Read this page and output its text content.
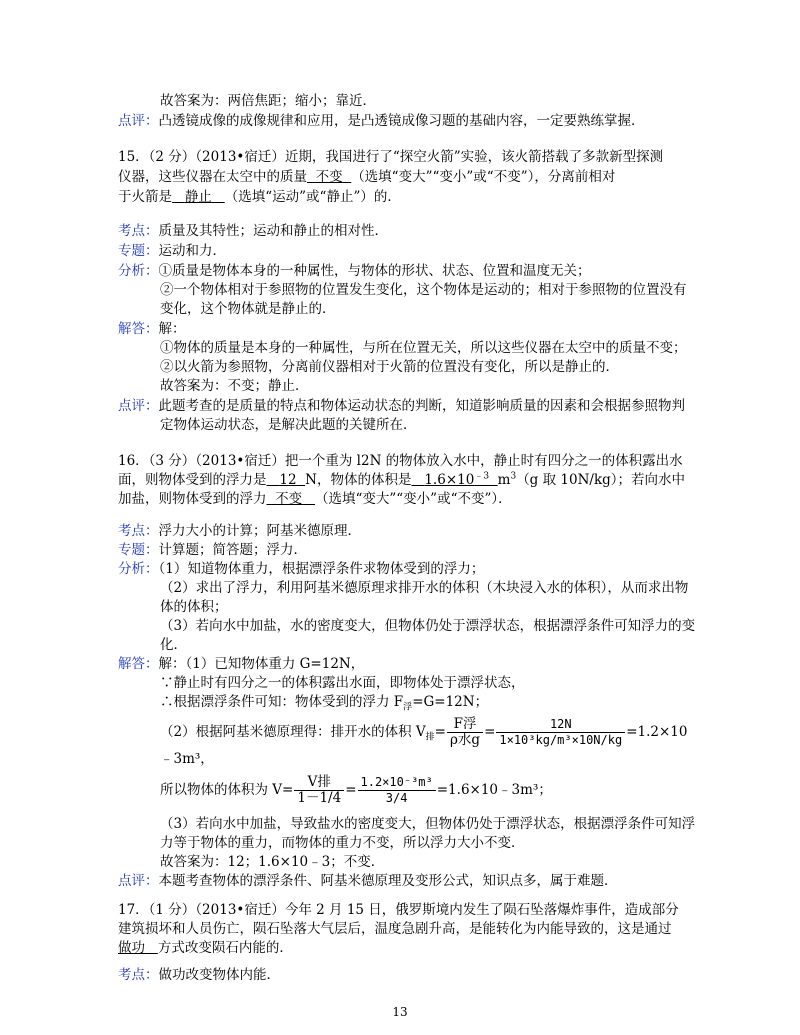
故答案为：两倍焦距；缩小；靠近．
点评：凸透镜成像的成像规律和应用，是凸透镜成像习题的基础内容，一定要熟练掌握．
15．（2 分）（2013•宿迁）近期，我国进行了“探空火箭”实验，该火箭搭载了多款新型探测
仪器，这些仪器在太空中的质量 不变 （选填“变大”“变小”或“不变”），分离前相对
于火箭是 静止 （选填“运动”或“静止”）的．
考点：质量及其特性；运动和静止的相对性．
专题：运动和力．
分析：①质量是物体本身的一种属性，与物体的形状、状态、位置和温度无关；
②一个物体相对于参照物的位置发生变化，这个物体是运动的；相对于参照物的位置没有
变化，这个物体就是静止的．
解答：解：
①物体的质量是本身的一种属性，与所在位置无关，所以这些仪器在太空中的质量不变；
②以火箭为参照物，分离前仪器相对于火箭的位置没有变化，所以是静止的．
故答案为：不变；静止．
点评：此题考查的是质量的特点和物体运动状态的判断，知道影响质量的因素和会根据参照物判
定物体运动状态，是解决此题的关键所在．
16．（3 分）（2013•宿迁）把一个重为 l2N 的物体放入水中，静止时有四分之一的体积露出水
面，则物体受到的浮力是 12 N，物体的体积是 $1.6\times 10^{﹣3}$ $m^3(g$ 取 10N/kg）；若向水中
加盐，则物体受到的浮力 不变 （选填“变大”“变小”或“不变”）．
考点：浮力大小的计算；阿基米德原理．
专题：计算题；简答题；浮力．
分析：（1）知道物体重力，根据漂浮条件求物体受到的浮力；
（2）求出了浮力，利用阿基米德原理求排开水的体积（木块浸入水的体积），从而求出物
体的体积；
（3）若向水中加盐，水的密度变大，但物体仍处于漂浮状态，根据漂浮条件可知浮力的变
化．
解答：解：（1）已知物体重力 G=12N，
∵静止时有四分之一的体积露出水面，即物体处于漂浮状态，
∴根据漂浮条件可知：物体受到的浮力 $F_浮=G=12N$；
（2）根据阿基米德原理得：排开水的体积 $V_排= \frac{\text{F浮}}{\text{ρ水g}} = \frac{12N}{\text{1×10³kg/m³×10N/kg}} =1.2\times 10$
﹣3m³，
所以物体的体积为 $V= \frac{\text{V排}}{1-1/4} = \frac{\text{1.2×10⁻³m³}}{3/4}$ =1.6×10﹣3m³；
（3）若向水中加盐，导致盐水的密度变大，但物体仍处于漂浮状态，根据漂浮条件可知浮
力等于物体的重力，而物体的重力不变，所以浮力大小不变．
故答案为：12；1.6×10﹣3；不变．
点评：本题考查物体的漂浮条件、阿基米德原理及变形公式，知识点多，属于难题．
17．（1 分）（2013•宿迁）今年 2 月 15 日，俄罗斯境内发生了陨石坠落爆炸事件，造成部分
建筑损坏和人员伤亡，陨石坠落大气层后，温度急剧升高，是能转化为内能导致的，这是通过
做功 方式改变陨石内能的．
考点：做功改变物体内能．
13
